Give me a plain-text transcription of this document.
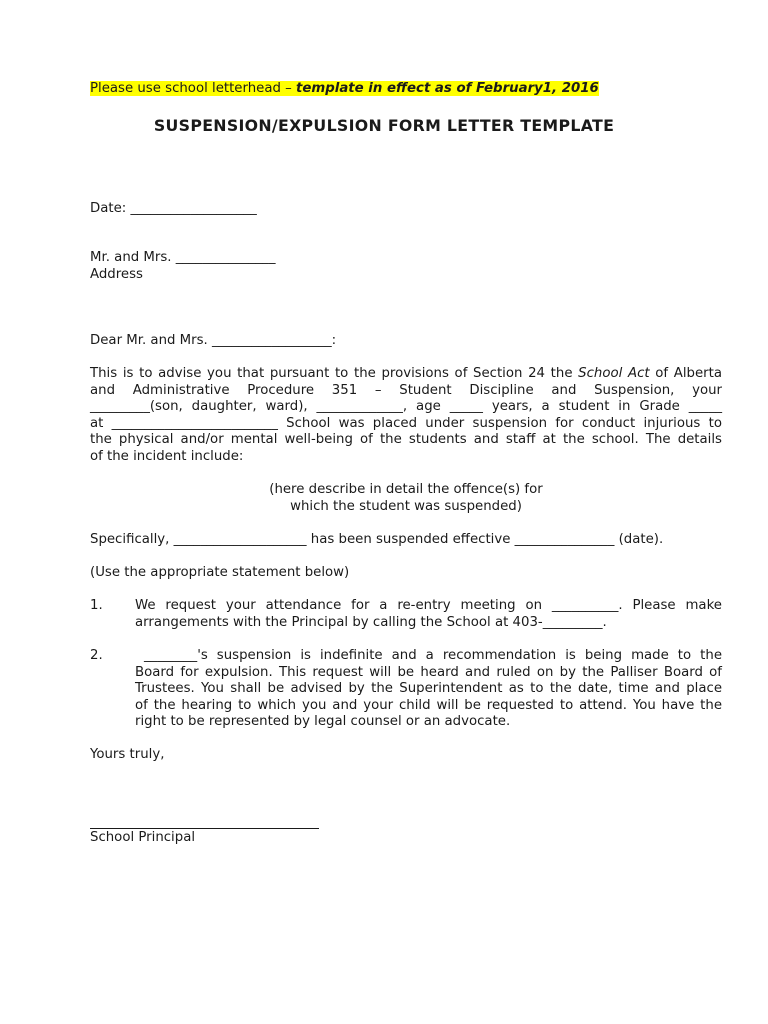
Please use school letterhead – template in effect as of February1, 2016
SUSPENSION/EXPULSION FORM LETTER TEMPLATE
Date: ___________________
Mr. and Mrs. _______________
Address
Dear Mr. and Mrs. __________________:
This is to advise you that pursuant to the provisions of Section 24 the School Act of Alberta
and Administrative Procedure 351 – Student Discipline and Suspension, your
_________(son, daughter, ward), _____________, age _____ years, a student in Grade _____
at _________________________ School was placed under suspension for conduct injurious to
the physical and/or mental well-being of the students and staff at the school. The details
of the incident include:
(here describe in detail the offence(s) for
which the student was suspended)
Specifically, ____________________ has been suspended effective _______________ (date).
(Use the appropriate statement below)
1. We request your attendance for a re-entry meeting on __________. Please make
arrangements with the Principal by calling the School at 403-_________.
2. ________'s suspension is indefinite and a recommendation is being made to the
Board for expulsion. This request will be heard and ruled on by the Palliser Board of
Trustees. You shall be advised by the Superintendent as to the date, time and place
of the hearing to which you and your child will be requested to attend. You have the
right to be represented by legal counsel or an advocate.
Yours truly,
School Principal
